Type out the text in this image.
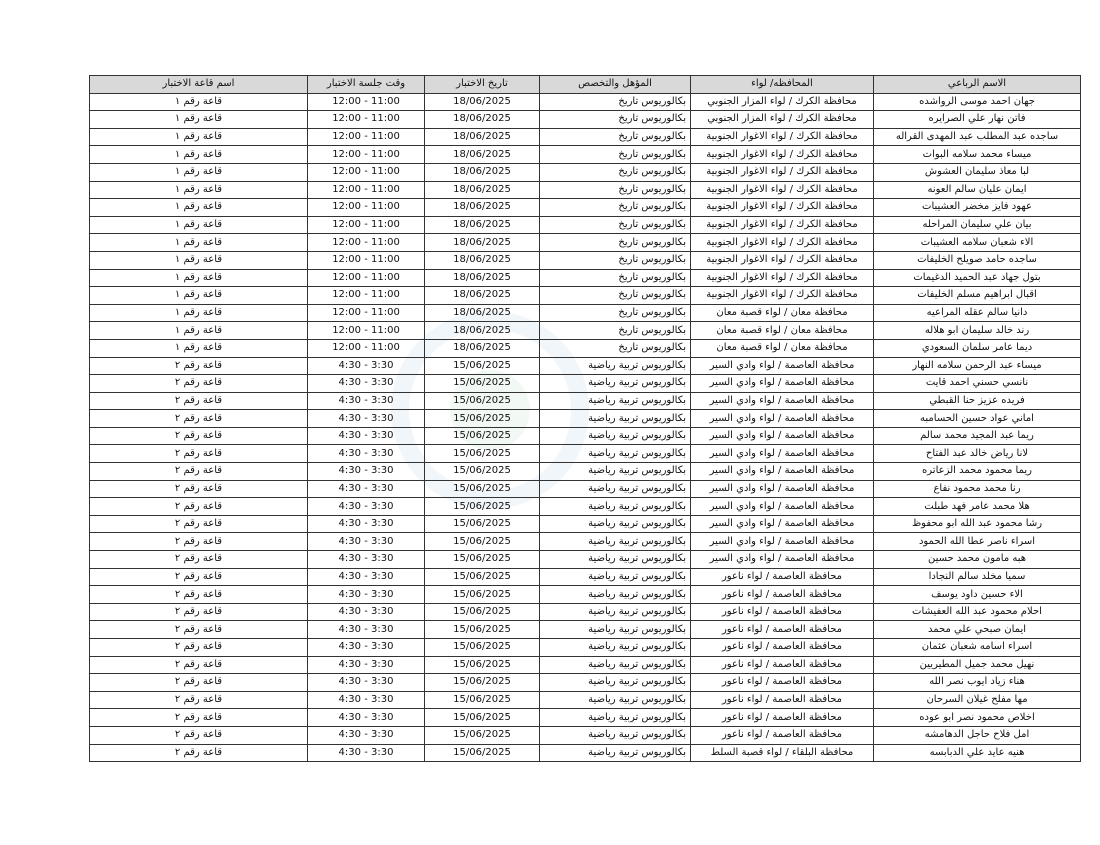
الاسم الرباعي	المحافظه/ لواء	المؤهل والتخصص	تاريخ الاختبار	وقت جلسة الاختبار	اسم قاعة الاختبار
جهان احمد موسى الرواشده	محافظة الكرك / لواء المزار الجنوبي	بكالوريوس تاريخ	18/06/2025	11:00 - 12:00	قاعة رقم ١
فاتن نهار علي الصرايره	محافظة الكرك / لواء المزار الجنوبي	بكالوريوس تاريخ	18/06/2025	11:00 - 12:00	قاعة رقم ١
ساجده عبد المطلب عبد المهدى القراله	محافظة الكرك / لواء الاغوار الجنوبية	بكالوريوس تاريخ	18/06/2025	11:00 - 12:00	قاعة رقم ١
ميساء محمد سلامه البوات	محافظة الكرك / لواء الاغوار الجنوبية	بكالوريوس تاريخ	18/06/2025	11:00 - 12:00	قاعة رقم ١
لبا معاذ سليمان العشوش	محافظة الكرك / لواء الاغوار الجنوبية	بكالوريوس تاريخ	18/06/2025	11:00 - 12:00	قاعة رقم ١
ايمان عليان سالم العونه	محافظة الكرك / لواء الاغوار الجنوبية	بكالوريوس تاريخ	18/06/2025	11:00 - 12:00	قاعة رقم ١
عهود فايز مخضر العشيبات	محافظة الكرك / لواء الاغوار الجنوبية	بكالوريوس تاريخ	18/06/2025	11:00 - 12:00	قاعة رقم ١
بيان علي سليمان المراحله	محافظة الكرك / لواء الاغوار الجنوبية	بكالوريوس تاريخ	18/06/2025	11:00 - 12:00	قاعة رقم ١
الاء شعبان سلامه العشيبات	محافظة الكرك / لواء الاغوار الجنوبية	بكالوريوس تاريخ	18/06/2025	11:00 - 12:00	قاعة رقم ١
ساجده حامد صويلح الخليفات	محافظة الكرك / لواء الاغوار الجنوبية	بكالوريوس تاريخ	18/06/2025	11:00 - 12:00	قاعة رقم ١
بتول جهاد عبد الحميد الدغيمات	محافظة الكرك / لواء الاغوار الجنوبية	بكالوريوس تاريخ	18/06/2025	11:00 - 12:00	قاعة رقم ١
اقبال ابراهيم مسلم الخليفات	محافظة الكرك / لواء الاغوار الجنوبية	بكالوريوس تاريخ	18/06/2025	11:00 - 12:00	قاعة رقم ١
دانيا سالم عقله المراعيه	محافظة معان / لواء قصبة معان	بكالوريوس تاريخ	18/06/2025	11:00 - 12:00	قاعة رقم ١
رند خالد سليمان ابو هلاله	محافظة معان / لواء قصبة معان	بكالوريوس تاريخ	18/06/2025	11:00 - 12:00	قاعة رقم ١
ديما عامر سلمان السعودي	محافظة معان / لواء قصبة معان	بكالوريوس تاريخ	18/06/2025	11:00 - 12:00	قاعة رقم ١
ميساء عبد الرحمن سلامه النهار	محافظة العاصمة / لواء وادي السير	بكالوريوس تربية رياضية	15/06/2025	3:30 - 4:30	قاعة رقم ٢
نانسي حسني احمد قايت	محافظة العاصمة / لواء وادي السير	بكالوريوس تربية رياضية	15/06/2025	3:30 - 4:30	قاعة رقم ٢
فريده عزيز حنا القبطي	محافظة العاصمة / لواء وادي السير	بكالوريوس تربية رياضية	15/06/2025	3:30 - 4:30	قاعة رقم ٢
اماني عواد حسين الحسامبه	محافظة العاصمة / لواء وادي السير	بكالوريوس تربية رياضية	15/06/2025	3:30 - 4:30	قاعة رقم ٢
ريما عبد المجيد محمد سالم	محافظة العاصمة / لواء وادي السير	بكالوريوس تربية رياضية	15/06/2025	3:30 - 4:30	قاعة رقم ٢
لانا رياض خالد عبد الفتاح	محافظة العاصمة / لواء وادي السير	بكالوريوس تربية رياضية	15/06/2025	3:30 - 4:30	قاعة رقم ٢
ريما محمود محمد الزعاتره	محافظة العاصمة / لواء وادي السير	بكالوريوس تربية رياضية	15/06/2025	3:30 - 4:30	قاعة رقم ٢
رنا محمد محمود نفاع	محافظة العاصمة / لواء وادي السير	بكالوريوس تربية رياضية	15/06/2025	3:30 - 4:30	قاعة رقم ٢
هلا محمد عامر فهد طبلت	محافظة العاصمة / لواء وادي السير	بكالوريوس تربية رياضية	15/06/2025	3:30 - 4:30	قاعة رقم ٢
رشا محمود عبد الله ابو محفوظ	محافظة العاصمة / لواء وادي السير	بكالوريوس تربية رياضية	15/06/2025	3:30 - 4:30	قاعة رقم ٢
اسراء ناصر عطا الله الحمود	محافظة العاصمة / لواء وادي السير	بكالوريوس تربية رياضية	15/06/2025	3:30 - 4:30	قاعة رقم ٢
هبه مامون محمد حسين	محافظة العاصمة / لواء وادي السير	بكالوريوس تربية رياضية	15/06/2025	3:30 - 4:30	قاعة رقم ٢
سميا مخلد سالم النجادا	محافظة العاصمة / لواء ناعور	بكالوريوس تربية رياضية	15/06/2025	3:30 - 4:30	قاعة رقم ٢
الاء حسين داود يوسف	محافظة العاصمة / لواء ناعور	بكالوريوس تربية رياضية	15/06/2025	3:30 - 4:30	قاعة رقم ٢
احلام محمود عبد الله العفيشات	محافظة العاصمة / لواء ناعور	بكالوريوس تربية رياضية	15/06/2025	3:30 - 4:30	قاعة رقم ٢
ايمان صبحي علي محمد	محافظة العاصمة / لواء ناعور	بكالوريوس تربية رياضية	15/06/2025	3:30 - 4:30	قاعة رقم ٢
اسراء اسامه شعبان عثمان	محافظة العاصمة / لواء ناعور	بكالوريوس تربية رياضية	15/06/2025	3:30 - 4:30	قاعة رقم ٢
نهيل محمد جميل المطيريين	محافظة العاصمة / لواء ناعور	بكالوريوس تربية رياضية	15/06/2025	3:30 - 4:30	قاعة رقم ٢
هناء زياد ايوب نصر الله	محافظة العاصمة / لواء ناعور	بكالوريوس تربية رياضية	15/06/2025	3:30 - 4:30	قاعة رقم ٢
مها مفلح غيلان السرحان	محافظة العاصمة / لواء ناعور	بكالوريوس تربية رياضية	15/06/2025	3:30 - 4:30	قاعة رقم ٢
اخلاص محمود نصر ابو عوده	محافظة العاصمة / لواء ناعور	بكالوريوس تربية رياضية	15/06/2025	3:30 - 4:30	قاعة رقم ٢
امل فلاح حاجل الدهامشه	محافظة العاصمة / لواء ناعور	بكالوريوس تربية رياضية	15/06/2025	3:30 - 4:30	قاعة رقم ٢
هنيه عايد علي الدبابسه	محافظة البلقاء / لواء قصبة السلط	بكالوريوس تربية رياضية	15/06/2025	3:30 - 4:30	قاعة رقم ٢
